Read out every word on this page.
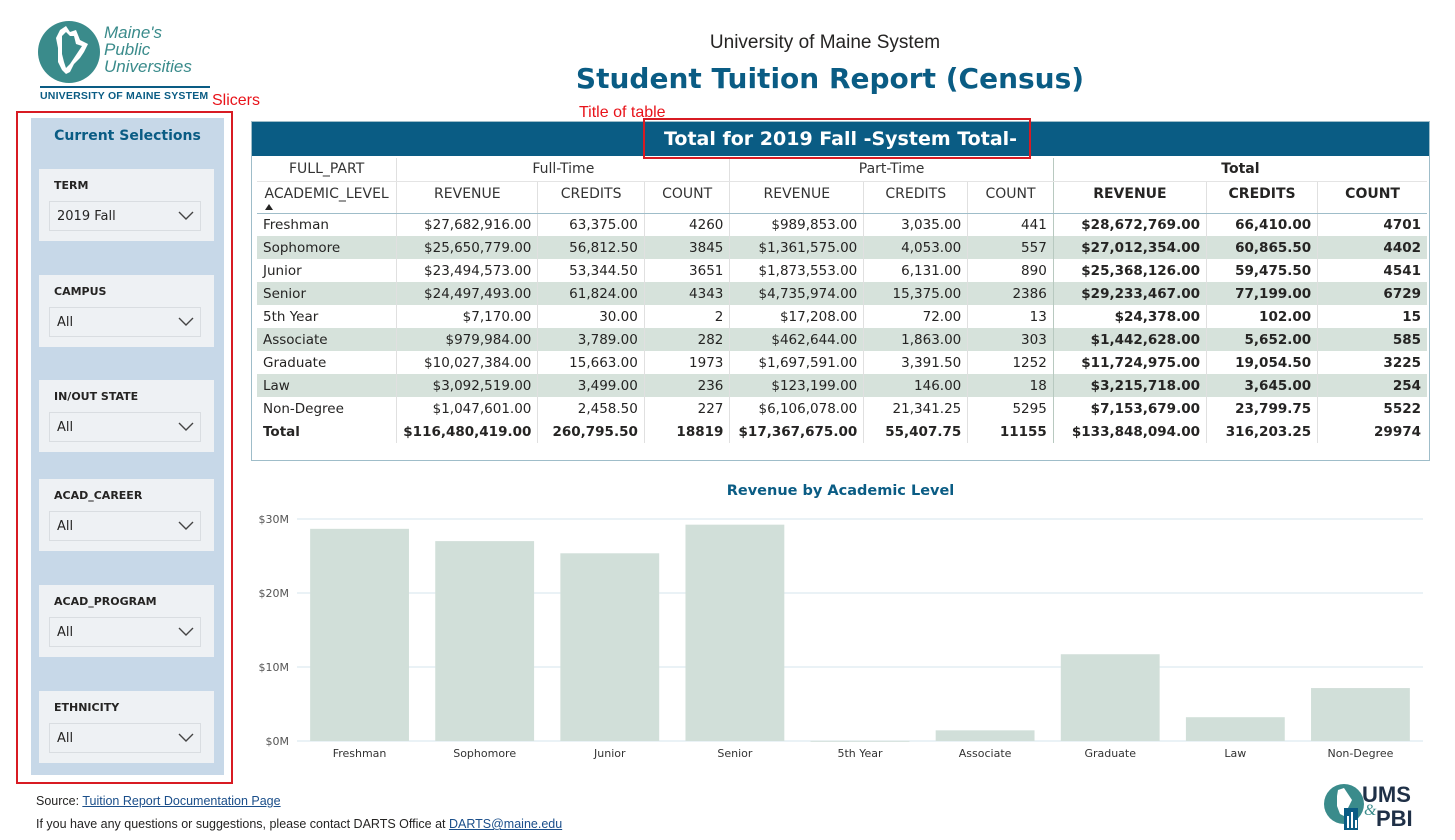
Maine's
Public
Universities
UNIVERSITY OF MAINE SYSTEM Slicers
Title of table
University of Maine System
Student Tuition Report (Census)
Current Selections
TERM
2019 Fall
CAMPUS
All
IN/OUT STATE
All
ACAD_CAREER
All
ACAD_PROGRAM
All
ETHNICITY
All
Total for 2019 Fall -System Total-
FULL_PART	Full-Time			Part-Time			Total		
ACADEMIC_LEVEL	REVENUE	CREDITS	COUNT	REVENUE	CREDITS	COUNT	REVENUE	CREDITS	COUNT
Freshman	$27,682,916.00	63,375.00	4260	$989,853.00	3,035.00	441	$28,672,769.00	66,410.00	4701
Sophomore	$25,650,779.00	56,812.50	3845	$1,361,575.00	4,053.00	557	$27,012,354.00	60,865.50	4402
Junior	$23,494,573.00	53,344.50	3651	$1,873,553.00	6,131.00	890	$25,368,126.00	59,475.50	4541
Senior	$24,497,493.00	61,824.00	4343	$4,735,974.00	15,375.00	2386	$29,233,467.00	77,199.00	6729
5th Year	$7,170.00	30.00	2	$17,208.00	72.00	13	$24,378.00	102.00	15
Associate	$979,984.00	3,789.00	282	$462,644.00	1,863.00	303	$1,442,628.00	5,652.00	585
Graduate	$10,027,384.00	15,663.00	1973	$1,697,591.00	3,391.50	1252	$11,724,975.00	19,054.50	3225
Law	$3,092,519.00	3,499.00	236	$123,199.00	146.00	18	$3,215,718.00	3,645.00	254
Non-Degree	$1,047,601.00	2,458.50	227	$6,106,078.00	21,341.25	5295	$7,153,679.00	23,799.75	5522
Total	$116,480,419.00	260,795.50	18819	$17,367,675.00	55,407.75	11155	$133,848,094.00	316,203.25	29974
Revenue by Academic Level
$0M
$10M
$20M
$30M
Freshman	Sophomore	Junior	Senior	5th Year	Associate	Graduate	Law	Non-Degree
Source: Tuition Report Documentation Page
If you have any questions or suggestions, please contact DARTS Office at DARTS@maine.edu
UMS
& PBI
